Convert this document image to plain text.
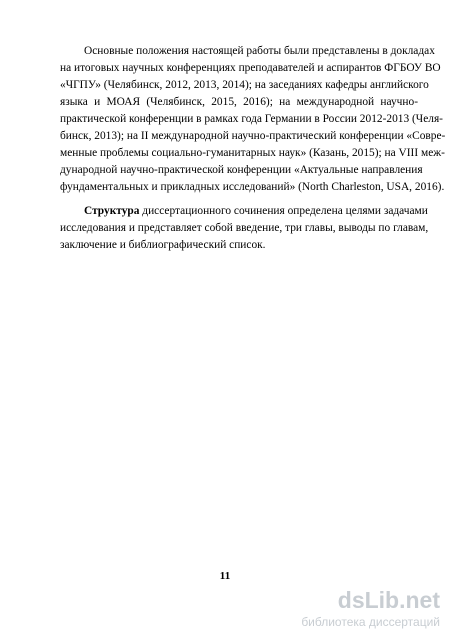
Основные положения настоящей работы были представлены в докладах
на итоговых научных конференциях преподавателей и аспирантов ФГБОУ ВО
«ЧГПУ» (Челябинск, 2012, 2013, 2014); на заседаниях кафедры английского
языка и МОАЯ (Челябинск, 2015, 2016); на международной научно-
практической конференции в рамках года Германии в России 2012-2013 (Челя-
бинск, 2013); на II международной научно-практический конференции «Совре-
менные проблемы социально-гуманитарных наук» (Казань, 2015); на VIII меж-
дународной научно-практической конференции «Актуальные направления
фундаментальных и прикладных исследований» (North Charleston, USA, 2016).
Структура диссертационного сочинения определена целями задачами
исследования и представляет собой введение, три главы, выводы по главам,
заключение и библиографический список.
11
dsLib.net
библиотека диссертаций
